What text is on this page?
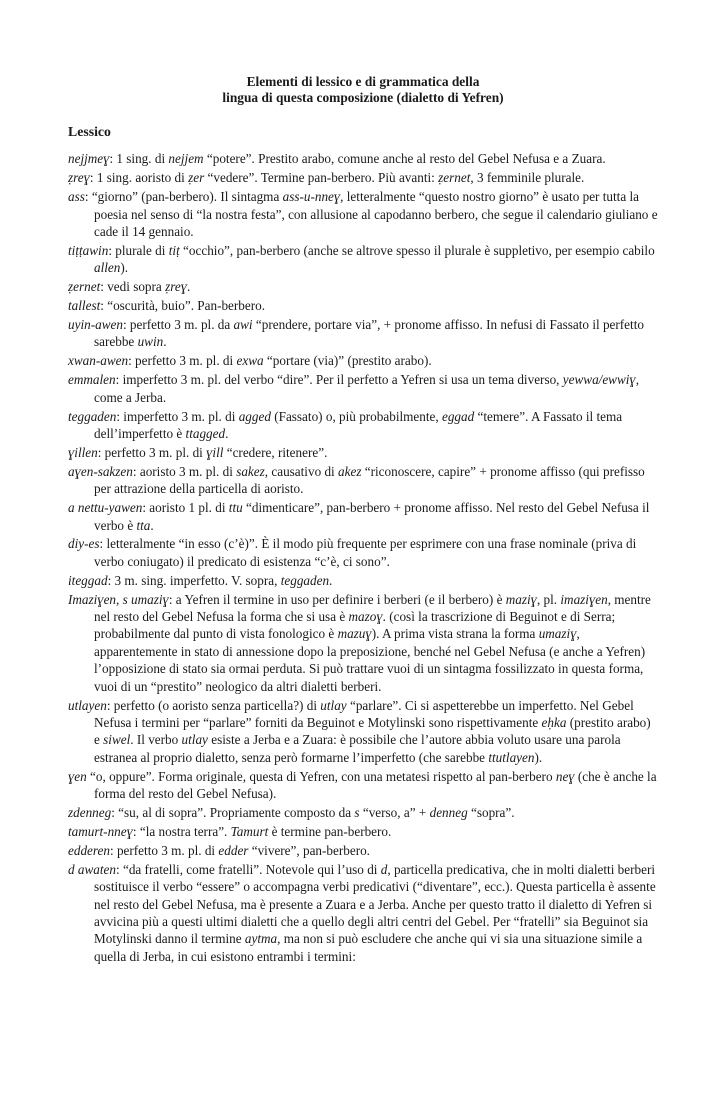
Elementi di lessico e di grammatica della
lingua di questa composizione (dialetto di Yefren)
Lessico

nejjmeɣ: 1 sing. di nejjem “potere”. Prestito arabo, comune anche al resto del Gebel Nefusa e a Zuara.

ẓreɣ: 1 sing. aoristo di ẓer “vedere”. Termine pan-berbero. Più avanti: ẓernet, 3 femminile plurale.

ass: “giorno” (pan-berbero). Il sintagma ass-u-nneɣ, letteralmente “questo nostro giorno” è usato per tutta la poesia nel senso di “la nostra festa”, con allusione al capodanno berbero, che segue il calendario giuliano e cade il 14 gennaio.

tiṭṭawin: plurale di tiṭ “occhio”, pan-berbero (anche se altrove spesso il plurale è suppletivo, per esempio cabilo allen).

ẓernet: vedi sopra ẓreɣ.

tallest: “oscurità, buio”. Pan-berbero.

uyin-awen: perfetto 3 m. pl. da awi “prendere, portare via”, + pronome affisso. In nefusi di Fassato il perfetto sarebbe uwin.

xwan-awen: perfetto 3 m. pl. di exwa “portare (via)” (prestito arabo).

emmalen: imperfetto 3 m. pl. del verbo “dire”. Per il perfetto a Yefren si usa un tema diverso, yewwa/ewwiɣ, come a Jerba.

teggaden: imperfetto 3 m. pl. di agged (Fassato) o, più probabilmente, eggad “temere”. A Fassato il tema dell’imperfetto è ttagged.

ɣillen: perfetto 3 m. pl. di ɣill “credere, ritenere”.

aɣen-sakzen: aoristo 3 m. pl. di sakez, causativo di akez “riconoscere, capire” + pronome affisso (qui prefisso per attrazione della particella di aoristo.

a nettu-yawen: aoristo 1 pl. di ttu “dimenticare”, pan-berbero + pronome affisso. Nel resto del Gebel Nefusa il verbo è tta.

diy-es: letteralmente “in esso (c’è)”. È il modo più frequente per esprimere con una frase nominale (priva di verbo coniugato) il predicato di esistenza “c’è, ci sono”.

iteggad: 3 m. sing. imperfetto. V. sopra, teggaden.

Imaziɣen, s umaziɣ: a Yefren il termine in uso per definire i berberi (e il berbero) è maziɣ, pl. imaziɣen, mentre nel resto del Gebel Nefusa la forma che si usa è mazoɣ. (così la trascrizione di Beguinot e di Serra; probabilmente dal punto di vista fonologico è mazuɣ). A prima vista strana la forma umaziɣ, apparentemente in stato di annessione dopo la preposizione, benché nel Gebel Nefusa (e anche a Yefren) l’opposizione di stato sia ormai perduta. Si può trattare vuoi di un sintagma fossilizzato in questa forma, vuoi di un “prestito” neologico da altri dialetti berberi.

utlayen: perfetto (o aoristo senza particella?) di utlay “parlare”. Ci si aspetterebbe un imperfetto. Nel Gebel Nefusa i termini per “parlare” forniti da Beguinot e Motylinski sono rispettivamente eḥka (prestito arabo) e siwel. Il verbo utlay esiste a Jerba e a Zuara: è possibile che l’autore abbia voluto usare una parola estranea al proprio dialetto, senza però formarne l’imperfetto (che sarebbe ttutlayen).

ɣen “o, oppure”. Forma originale, questa di Yefren, con una metatesi rispetto al pan-berbero neɣ (che è anche la forma del resto del Gebel Nefusa).

zdenneg: “su, al di sopra”. Propriamente composto da s “verso, a” + denneg “sopra”.

tamurt-nneɣ: “la nostra terra”. Tamurt è termine pan-berbero.

edderen: perfetto 3 m. pl. di edder “vivere”, pan-berbero.

d awaten: “da fratelli, come fratelli”. Notevole qui l’uso di d, particella predicativa, che in molti dialetti berberi sostituisce il verbo “essere” o accompagna verbi predicativi (“diventare”, ecc.). Questa particella è assente nel resto del Gebel Nefusa, ma è presente a Zuara e a Jerba. Anche per questo tratto il dialetto di Yefren si avvicina più a questi ultimi dialetti che a quello degli altri centri del Gebel. Per “fratelli” sia Beguinot sia Motylinski danno il termine aytma, ma non si può escludere che anche qui vi sia una situazione simile a quella di Jerba, in cui esistono entrambi i termini:
